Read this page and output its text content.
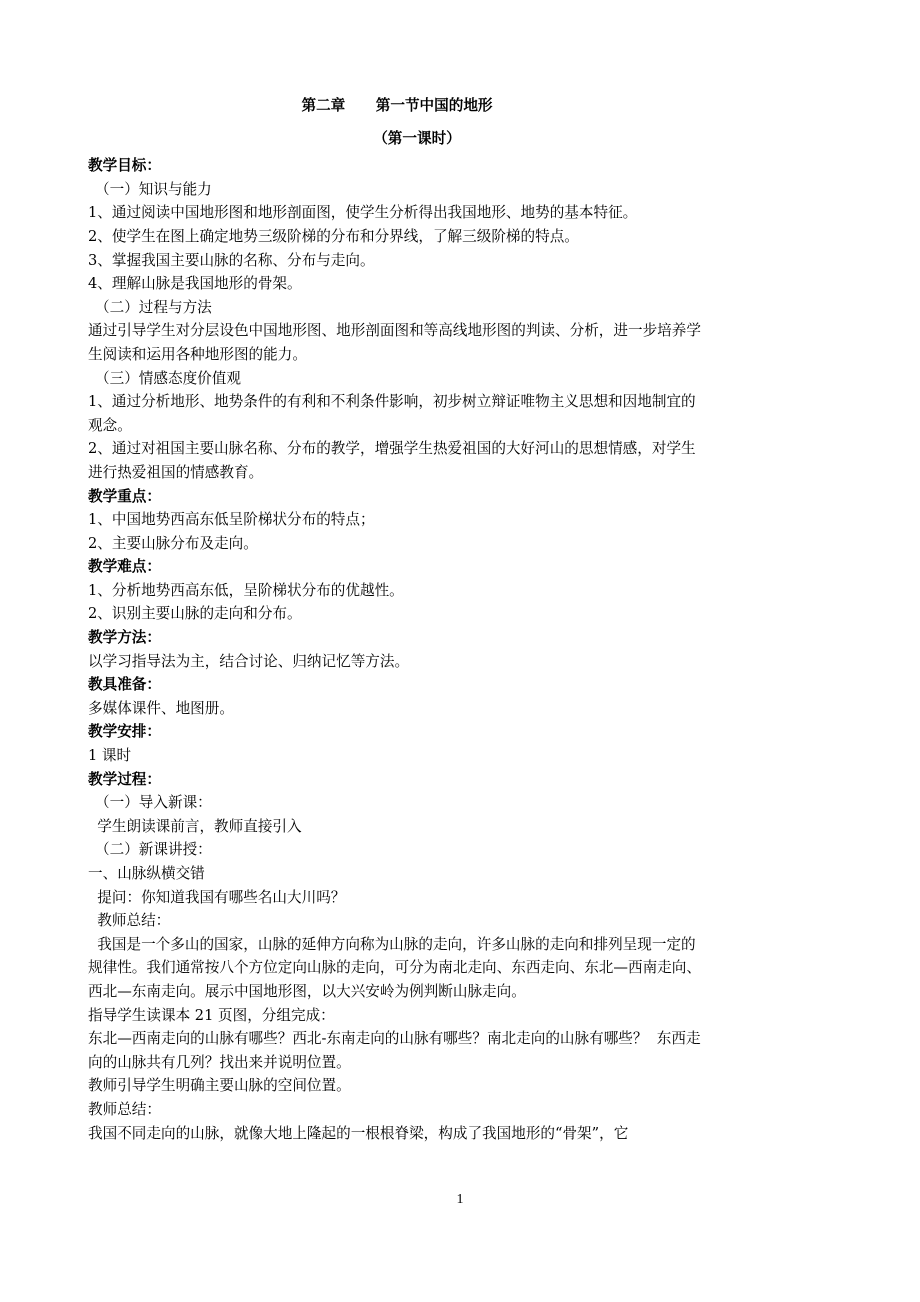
第二章      第一节中国的地形
（第一课时）
教学目标：
（一）知识与能力
1、通过阅读中国地形图和地形剖面图，使学生分析得出我国地形、地势的基本特征。
2、使学生在图上确定地势三级阶梯的分布和分界线，了解三级阶梯的特点。
3、掌握我国主要山脉的名称、分布与走向。
4、理解山脉是我国地形的骨架。
（二）过程与方法
通过引导学生对分层设色中国地形图、地形剖面图和等高线地形图的判读、分析，进一步培养学生阅读和运用各种地形图的能力。
（三）情感态度价值观
1、通过分析地形、地势条件的有利和不利条件影响，初步树立辩证唯物主义思想和因地制宜的观念。
2、通过对祖国主要山脉名称、分布的教学，增强学生热爱祖国的大好河山的思想情感，对学生进行热爱祖国的情感教育。
教学重点：
1、中国地势西高东低呈阶梯状分布的特点；
2、主要山脉分布及走向。
教学难点：
1、分析地势西高东低，呈阶梯状分布的优越性。
2、识别主要山脉的走向和分布。
教学方法：
以学习指导法为主，结合讨论、归纳记忆等方法。
教具准备：
多媒体课件、地图册。
教学安排：
1 课时
教学过程：
（一）导入新课：
学生朗读课前言，教师直接引入
（二）新课讲授：
一、山脉纵横交错
提问：你知道我国有哪些名山大川吗？
教师总结：
我国是一个多山的国家，山脉的延伸方向称为山脉的走向，许多山脉的走向和排列呈现一定的规律性。我们通常按八个方位定向山脉的走向，可分为南北走向、东西走向、东北—西南走向、西北—东南走向。展示中国地形图，以大兴安岭为例判断山脉走向。
指导学生读课本 21 页图，分组完成：
东北—西南走向的山脉有哪些？西北-东南走向的山脉有哪些？南北走向的山脉有哪些？  东西走向的山脉共有几列？找出来并说明位置。
教师引导学生明确主要山脉的空间位置。
教师总结：
我国不同走向的山脉，就像大地上隆起的一根根脊梁，构成了我国地形的“骨架”，它
1
